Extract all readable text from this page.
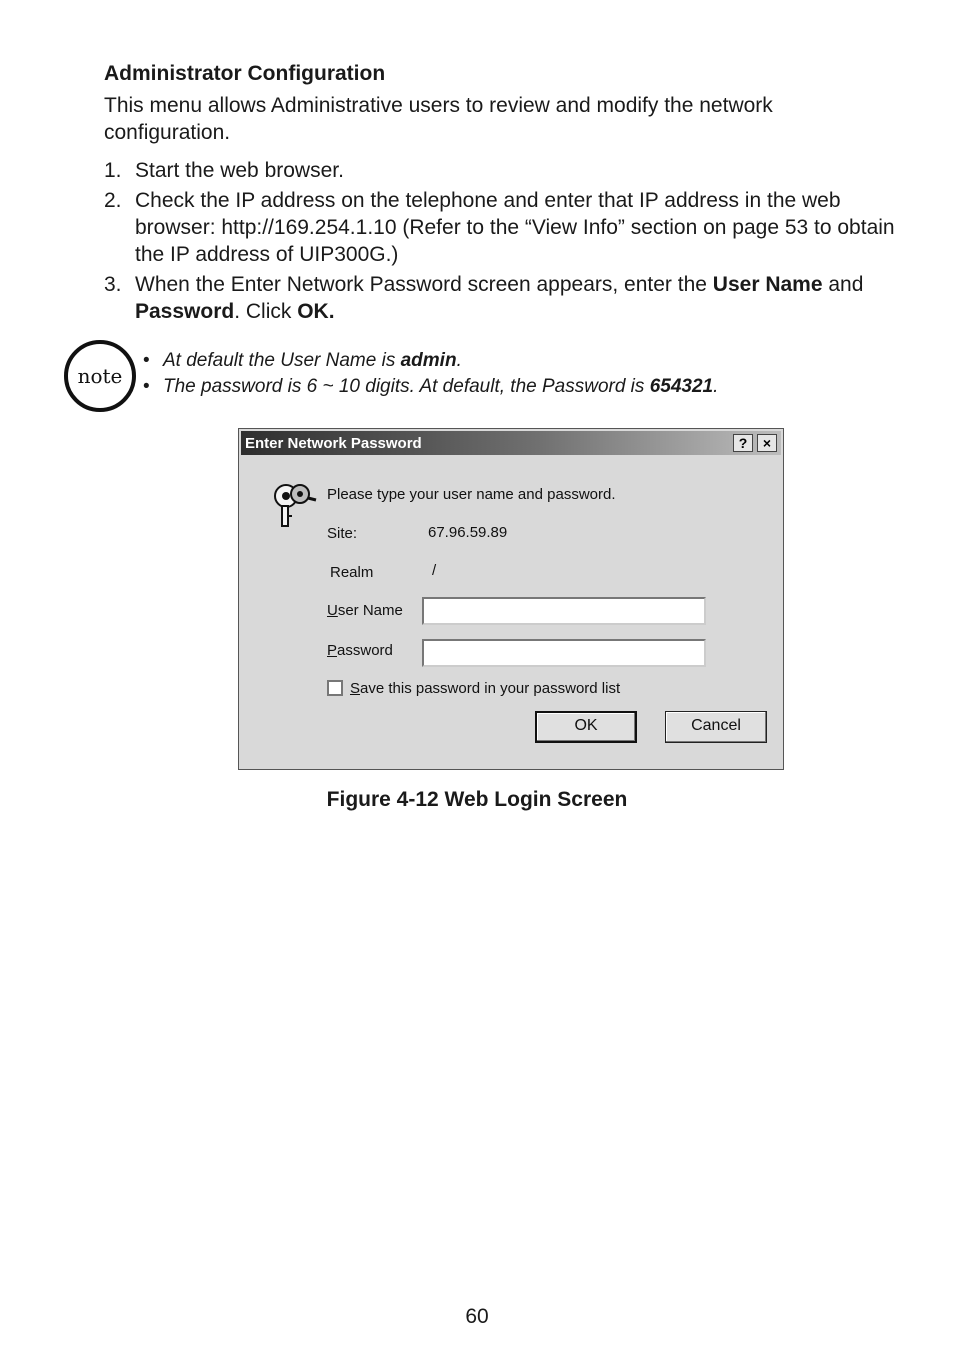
Administrator Configuration
This menu allows Administrative users to review and modify the network configuration.
1. Start the web browser.
2. Check the IP address on the telephone and enter that IP address in the web browser: http://169.254.1.10 (Refer to the “View Info” section on page 53 to obtain the IP address of UIP300G.)
3. When the Enter Network Password screen appears, enter the User Name and Password. Click OK.
note
• At default the User Name is admin.
• The password is 6 ~ 10 digits. At default, the Password is 654321.
Enter Network Password	?	×
Please type your user name and password.
Site:	67.96.59.89
Realm	/
User Name
Password
Save this password in your password list
OK	Cancel
Figure 4-12 Web Login Screen
60
